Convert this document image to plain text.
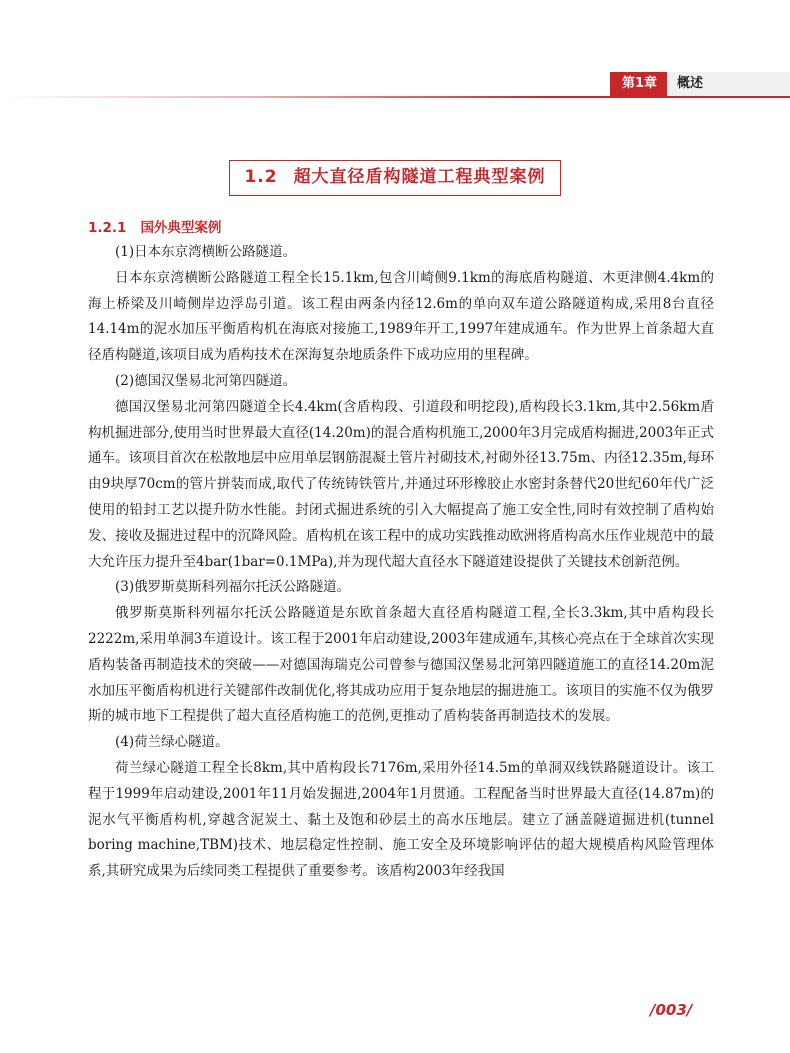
第1章	概述
1.2 超大直径盾构隧道工程典型案例
1.2.1 国外典型案例

(1)日本东京湾横断公路隧道。

日本东京湾横断公路隧道工程全长15.1km,包含川崎侧9.1km的海底盾构隧道、木更津侧4.4km的海上桥梁及川崎侧岸边浮岛引道。该工程由两条内径12.6m的单向双车道公路隧道构成,采用8台直径14.14m的泥水加压平衡盾构机在海底对接施工,1989年开工,1997年建成通车。作为世界上首条超大直径盾构隧道,该项目成为盾构技术在深海复杂地质条件下成功应用的里程碑。

(2)德国汉堡易北河第四隧道。

德国汉堡易北河第四隧道全长4.4km(含盾构段、引道段和明挖段),盾构段长3.1km,其中2.56km盾构机掘进部分,使用当时世界最大直径(14.20m)的混合盾构机施工,2000年3月完成盾构掘进,2003年正式通车。该项目首次在松散地层中应用单层钢筋混凝土管片衬砌技术,衬砌外径13.75m、内径12.35m,每环由9块厚70cm的管片拼装而成,取代了传统铸铁管片,并通过环形橡胶止水密封条替代20世纪60年代广泛使用的铅封工艺以提升防水性能。封闭式掘进系统的引入大幅提高了施工安全性,同时有效控制了盾构始发、接收及掘进过程中的沉降风险。盾构机在该工程中的成功实践推动欧洲将盾构高水压作业规范中的最大允许压力提升至4bar(1bar=0.1MPa),并为现代超大直径水下隧道建设提供了关键技术创新范例。

(3)俄罗斯莫斯科列福尔托沃公路隧道。

俄罗斯莫斯科列福尔托沃公路隧道是东欧首条超大直径盾构隧道工程,全长3.3km,其中盾构段长2222m,采用单洞3车道设计。该工程于2001年启动建设,2003年建成通车,其核心亮点在于全球首次实现盾构装备再制造技术的突破——对德国海瑞克公司曾参与德国汉堡易北河第四隧道施工的直径14.20m泥水加压平衡盾构机进行关键部件改制优化,将其成功应用于复杂地层的掘进施工。该项目的实施不仅为俄罗斯的城市地下工程提供了超大直径盾构施工的范例,更推动了盾构装备再制造技术的发展。

(4)荷兰绿心隧道。

荷兰绿心隧道工程全长8km,其中盾构段长7176m,采用外径14.5m的单洞双线铁路隧道设计。该工程于1999年启动建设,2001年11月始发掘进,2004年1月贯通。工程配备当时世界最大直径(14.87m)的泥水气平衡盾构机,穿越含泥炭土、黏土及饱和砂层土的高水压地层。建立了涵盖隧道掘进机(tunnel boring machine,TBM)技术、地层稳定性控制、施工安全及环境影响评估的超大规模盾构风险管理体系,其研究成果为后续同类工程提供了重要参考。该盾构2003年经我国

/003/
